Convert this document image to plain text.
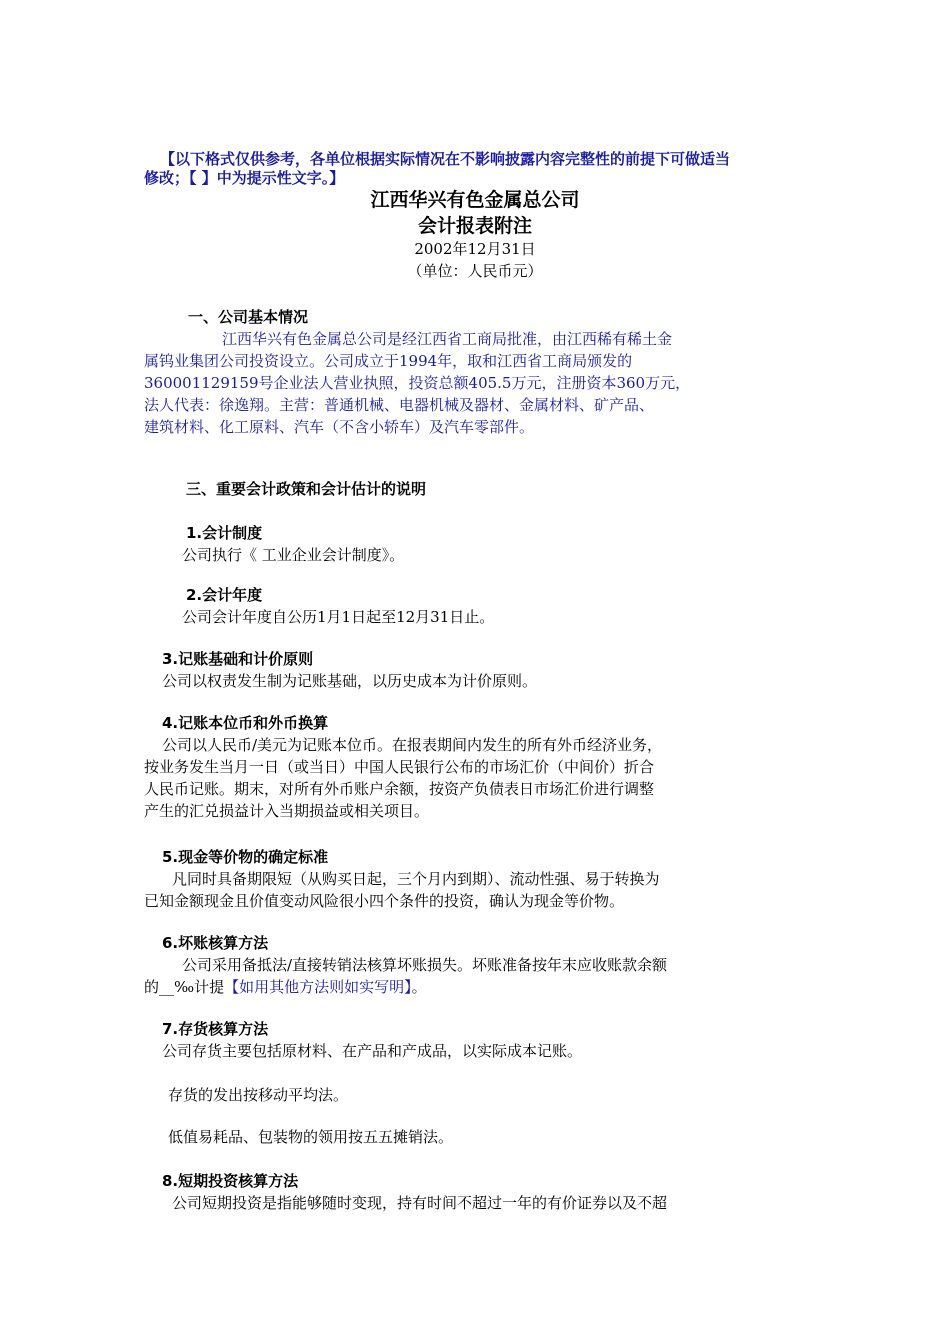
【以下格式仅供参考，各单位根据实际情况在不影响披露内容完整性的前提下可做适当
修改；【 】中为提示性文字。】
江西华兴有色金属总公司
会计报表附注
2002年12月31日
（单位：人民币元）
一、公司基本情况
江西华兴有色金属总公司是经江西省工商局批准，由江西稀有稀土金
属钨业集团公司投资设立。公司成立于1994年，取和江西省工商局颁发的
360001129159号企业法人营业执照，投资总额405.5万元，注册资本360万元，
法人代表：徐逸翔。主营：普通机械、电器机械及器材、金属材料、矿产品、
建筑材料、化工原料、汽车（不含小轿车）及汽车零部件。
三、重要会计政策和会计估计的说明
1.会计制度
公司执行《 工业企业会计制度》。
2.会计年度
公司会计年度自公历1月1日起至12月31日止。
3.记账基础和计价原则
公司以权责发生制为记账基础，以历史成本为计价原则。
4.记账本位币和外币换算
公司以人民币/美元为记账本位币。在报表期间内发生的所有外币经济业务，
按业务发生当月一日（或当日）中国人民银行公布的市场汇价（中间价）折合
人民币记账。期末，对所有外币账户余额，按资产负债表日市场汇价进行调整
产生的汇兑损益计入当期损益或相关项目。
5.现金等价物的确定标准
凡同时具备期限短（从购买日起，三个月内到期）、流动性强、易于转换为
已知金额现金且价值变动风险很小四个条件的投资，确认为现金等价物。
6.坏账核算方法
公司采用备抵法/直接转销法核算坏账损失。坏账准备按年末应收账款余额
的__‰计提【如用其他方法则如实写明】。
7.存货核算方法
公司存货主要包括原材料、在产品和产成品，以实际成本记账。
存货的发出按移动平均法。
低值易耗品、包装物的领用按五五摊销法。
8.短期投资核算方法
公司短期投资是指能够随时变现，持有时间不超过一年的有价证券以及不超
